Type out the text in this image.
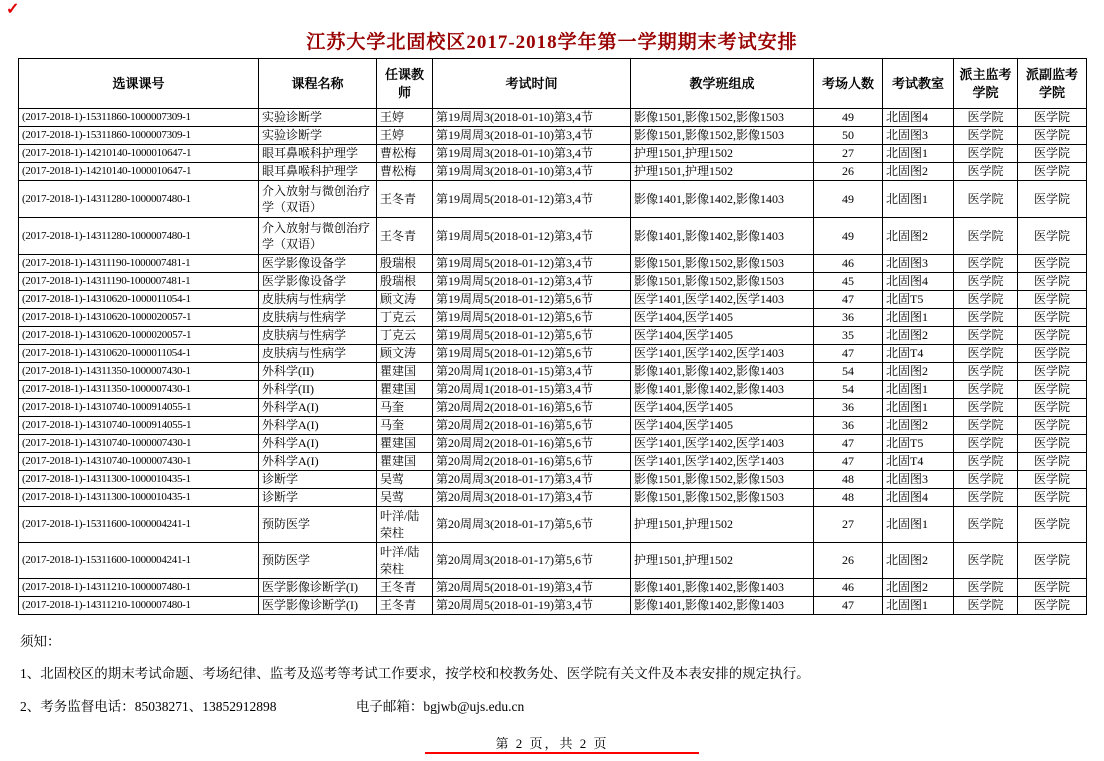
✓
江苏大学北固校区2017-2018学年第一学期期末考试安排
选课课号	课程名称	任课教师	考试时间	教学班组成	考场人数	考试教室	派主监考学院	派副监考学院
(2017-2018-1)-15311860-1000007309-1	实验诊断学	王婷	第19周周3(2018-01-10)第3,4节	影像1501,影像1502,影像1503	49	北固图4	医学院	医学院
(2017-2018-1)-15311860-1000007309-1	实验诊断学	王婷	第19周周3(2018-01-10)第3,4节	影像1501,影像1502,影像1503	50	北固图3	医学院	医学院
(2017-2018-1)-14210140-1000010647-1	眼耳鼻喉科护理学	曹松梅	第19周周3(2018-01-10)第3,4节	护理1501,护理1502	27	北固图1	医学院	医学院
(2017-2018-1)-14210140-1000010647-1	眼耳鼻喉科护理学	曹松梅	第19周周3(2018-01-10)第3,4节	护理1501,护理1502	26	北固图2	医学院	医学院
(2017-2018-1)-14311280-1000007480-1	介入放射与微创治疗学（双语）	王冬青	第19周周5(2018-01-12)第3,4节	影像1401,影像1402,影像1403	49	北固图1	医学院	医学院
(2017-2018-1)-14311280-1000007480-1	介入放射与微创治疗学（双语）	王冬青	第19周周5(2018-01-12)第3,4节	影像1401,影像1402,影像1403	49	北固图2	医学院	医学院
(2017-2018-1)-14311190-1000007481-1	医学影像设备学	殷瑞根	第19周周5(2018-01-12)第3,4节	影像1501,影像1502,影像1503	46	北固图3	医学院	医学院
(2017-2018-1)-14311190-1000007481-1	医学影像设备学	殷瑞根	第19周周5(2018-01-12)第3,4节	影像1501,影像1502,影像1503	45	北固图4	医学院	医学院
(2017-2018-1)-14310620-1000011054-1	皮肤病与性病学	顾文涛	第19周周5(2018-01-12)第5,6节	医学1401,医学1402,医学1403	47	北固T5	医学院	医学院
(2017-2018-1)-14310620-1000020057-1	皮肤病与性病学	丁克云	第19周周5(2018-01-12)第5,6节	医学1404,医学1405	36	北固图1	医学院	医学院
(2017-2018-1)-14310620-1000020057-1	皮肤病与性病学	丁克云	第19周周5(2018-01-12)第5,6节	医学1404,医学1405	35	北固图2	医学院	医学院
(2017-2018-1)-14310620-1000011054-1	皮肤病与性病学	顾文涛	第19周周5(2018-01-12)第5,6节	医学1401,医学1402,医学1403	47	北固T4	医学院	医学院
(2017-2018-1)-14311350-1000007430-1	外科学(II)	瞿建国	第20周周1(2018-01-15)第3,4节	影像1401,影像1402,影像1403	54	北固图2	医学院	医学院
(2017-2018-1)-14311350-1000007430-1	外科学(II)	瞿建国	第20周周1(2018-01-15)第3,4节	影像1401,影像1402,影像1403	54	北固图1	医学院	医学院
(2017-2018-1)-14310740-1000914055-1	外科学A(I)	马奎	第20周周2(2018-01-16)第5,6节	医学1404,医学1405	36	北固图1	医学院	医学院
(2017-2018-1)-14310740-1000914055-1	外科学A(I)	马奎	第20周周2(2018-01-16)第5,6节	医学1404,医学1405	36	北固图2	医学院	医学院
(2017-2018-1)-14310740-1000007430-1	外科学A(I)	瞿建国	第20周周2(2018-01-16)第5,6节	医学1401,医学1402,医学1403	47	北固T5	医学院	医学院
(2017-2018-1)-14310740-1000007430-1	外科学A(I)	瞿建国	第20周周2(2018-01-16)第5,6节	医学1401,医学1402,医学1403	47	北固T4	医学院	医学院
(2017-2018-1)-14311300-1000010435-1	诊断学	吴莺	第20周周3(2018-01-17)第3,4节	影像1501,影像1502,影像1503	48	北固图3	医学院	医学院
(2017-2018-1)-14311300-1000010435-1	诊断学	吴莺	第20周周3(2018-01-17)第3,4节	影像1501,影像1502,影像1503	48	北固图4	医学院	医学院
(2017-2018-1)-15311600-1000004241-1	预防医学	叶洋/陆荣柱	第20周周3(2018-01-17)第5,6节	护理1501,护理1502	27	北固图1	医学院	医学院
(2017-2018-1)-15311600-1000004241-1	预防医学	叶洋/陆荣柱	第20周周3(2018-01-17)第5,6节	护理1501,护理1502	26	北固图2	医学院	医学院
(2017-2018-1)-14311210-1000007480-1	医学影像诊断学(I)	王冬青	第20周周5(2018-01-19)第3,4节	影像1401,影像1402,影像1403	46	北固图2	医学院	医学院
(2017-2018-1)-14311210-1000007480-1	医学影像诊断学(I)	王冬青	第20周周5(2018-01-19)第3,4节	影像1401,影像1402,影像1403	47	北固图1	医学院	医学院
须知：
1、北固校区的期末考试命题、考场纪律、监考及巡考等考试工作要求，按学校和校教务处、医学院有关文件及本表安排的规定执行。
2、考务监督电话：85038271、13852912898	电子邮箱：bgjwb@ujs.edu.cn
第 2 页，共 2 页
